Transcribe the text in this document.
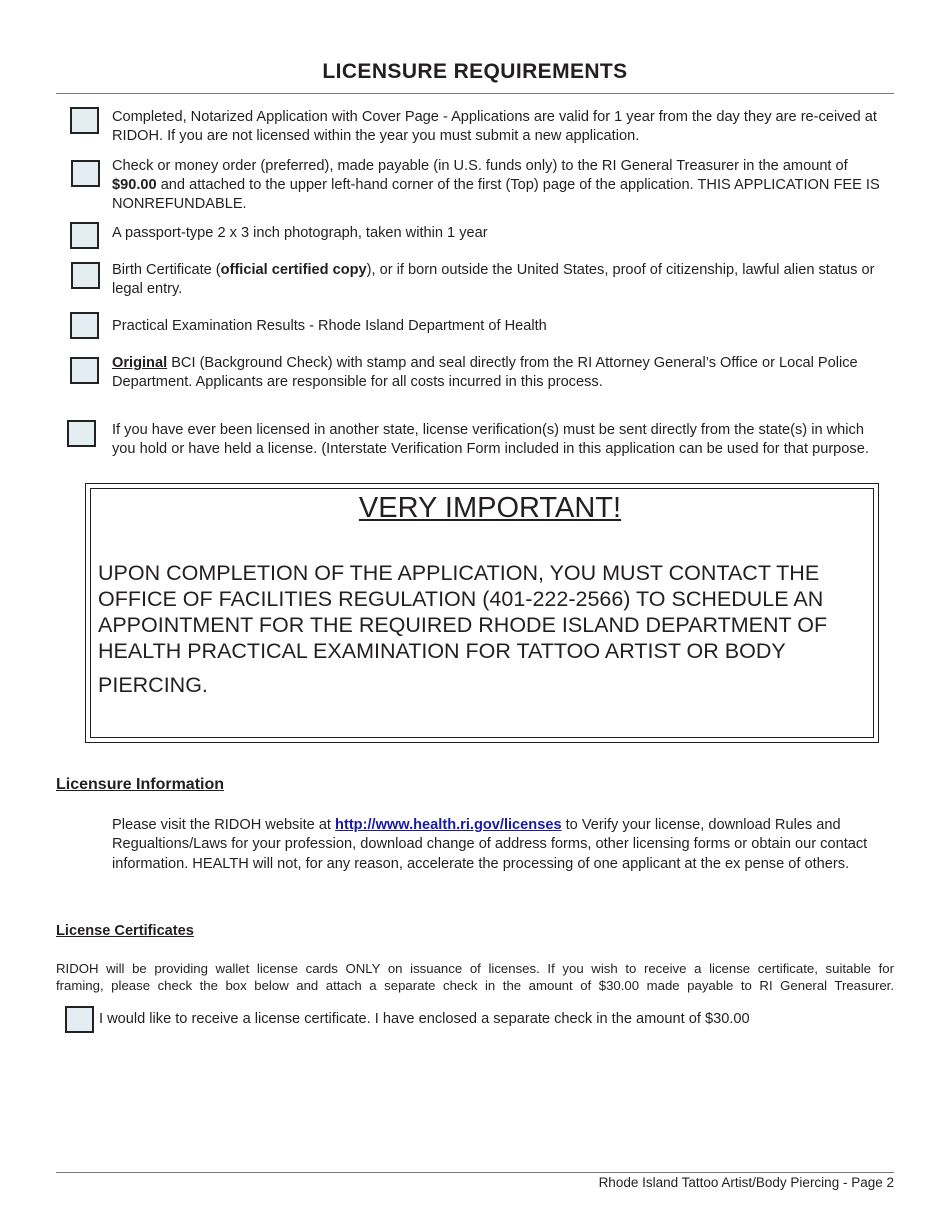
LICENSURE REQUIREMENTS
Completed, Notarized Application with Cover Page - Applications are valid for 1 year from the day they are re-ceived at RIDOH. If you are not licensed within the year you must submit a new application.
Check or money order (preferred), made payable (in U.S. funds only) to the RI General Treasurer in the amount of $90.00 and attached to the upper left-hand corner of the first (Top) page of the application. THIS APPLICATION FEE IS NONREFUNDABLE.
A passport-type 2 x 3 inch photograph, taken within 1 year
Birth Certificate (official certified copy), or if born outside the United States, proof of citizenship, lawful alien status or legal entry.
Practical Examination Results - Rhode Island Department of Health
Original BCI (Background Check) with stamp and seal directly from the RI Attorney General’s Office or Local Police Department. Applicants are responsible for all costs incurred in this process.
If you have ever been licensed in another state, license verification(s) must be sent directly from the state(s) in which you hold or have held a license. (Interstate Verification Form included in this application can be used for that purpose.
VERY IMPORTANT!
UPON COMPLETION OF THE APPLICATION, YOU MUST CONTACT THE OFFICE OF FACILITIES REGULATION (401-222-2566) TO SCHEDULE AN APPOINTMENT FOR THE REQUIRED RHODE ISLAND DEPARTMENT OF HEALTH PRACTICAL EXAMINATION FOR TATTOO ARTIST OR BODY
PIERCING.
Licensure Information
Please visit the RIDOH website at http://www.health.ri.gov/licenses to Verify your license, download Rules and Regualtions/Laws for your profession, download change of address forms, other licensing forms or obtain our contact information. HEALTH will not, for any reason, accelerate the processing of one applicant at the ex pense of others.
License Certificates
RIDOH will be providing wallet license cards ONLY on issuance of licenses. If you wish to receive a license certificate, suitable for
framing, please check the box below and attach a separate check in the amount of $30.00 made payable to RI General Treasurer.
I would like to receive a license certificate. I have enclosed a separate check in the amount of $30.00
Rhode Island Tattoo Artist/Body Piercing - Page 2
